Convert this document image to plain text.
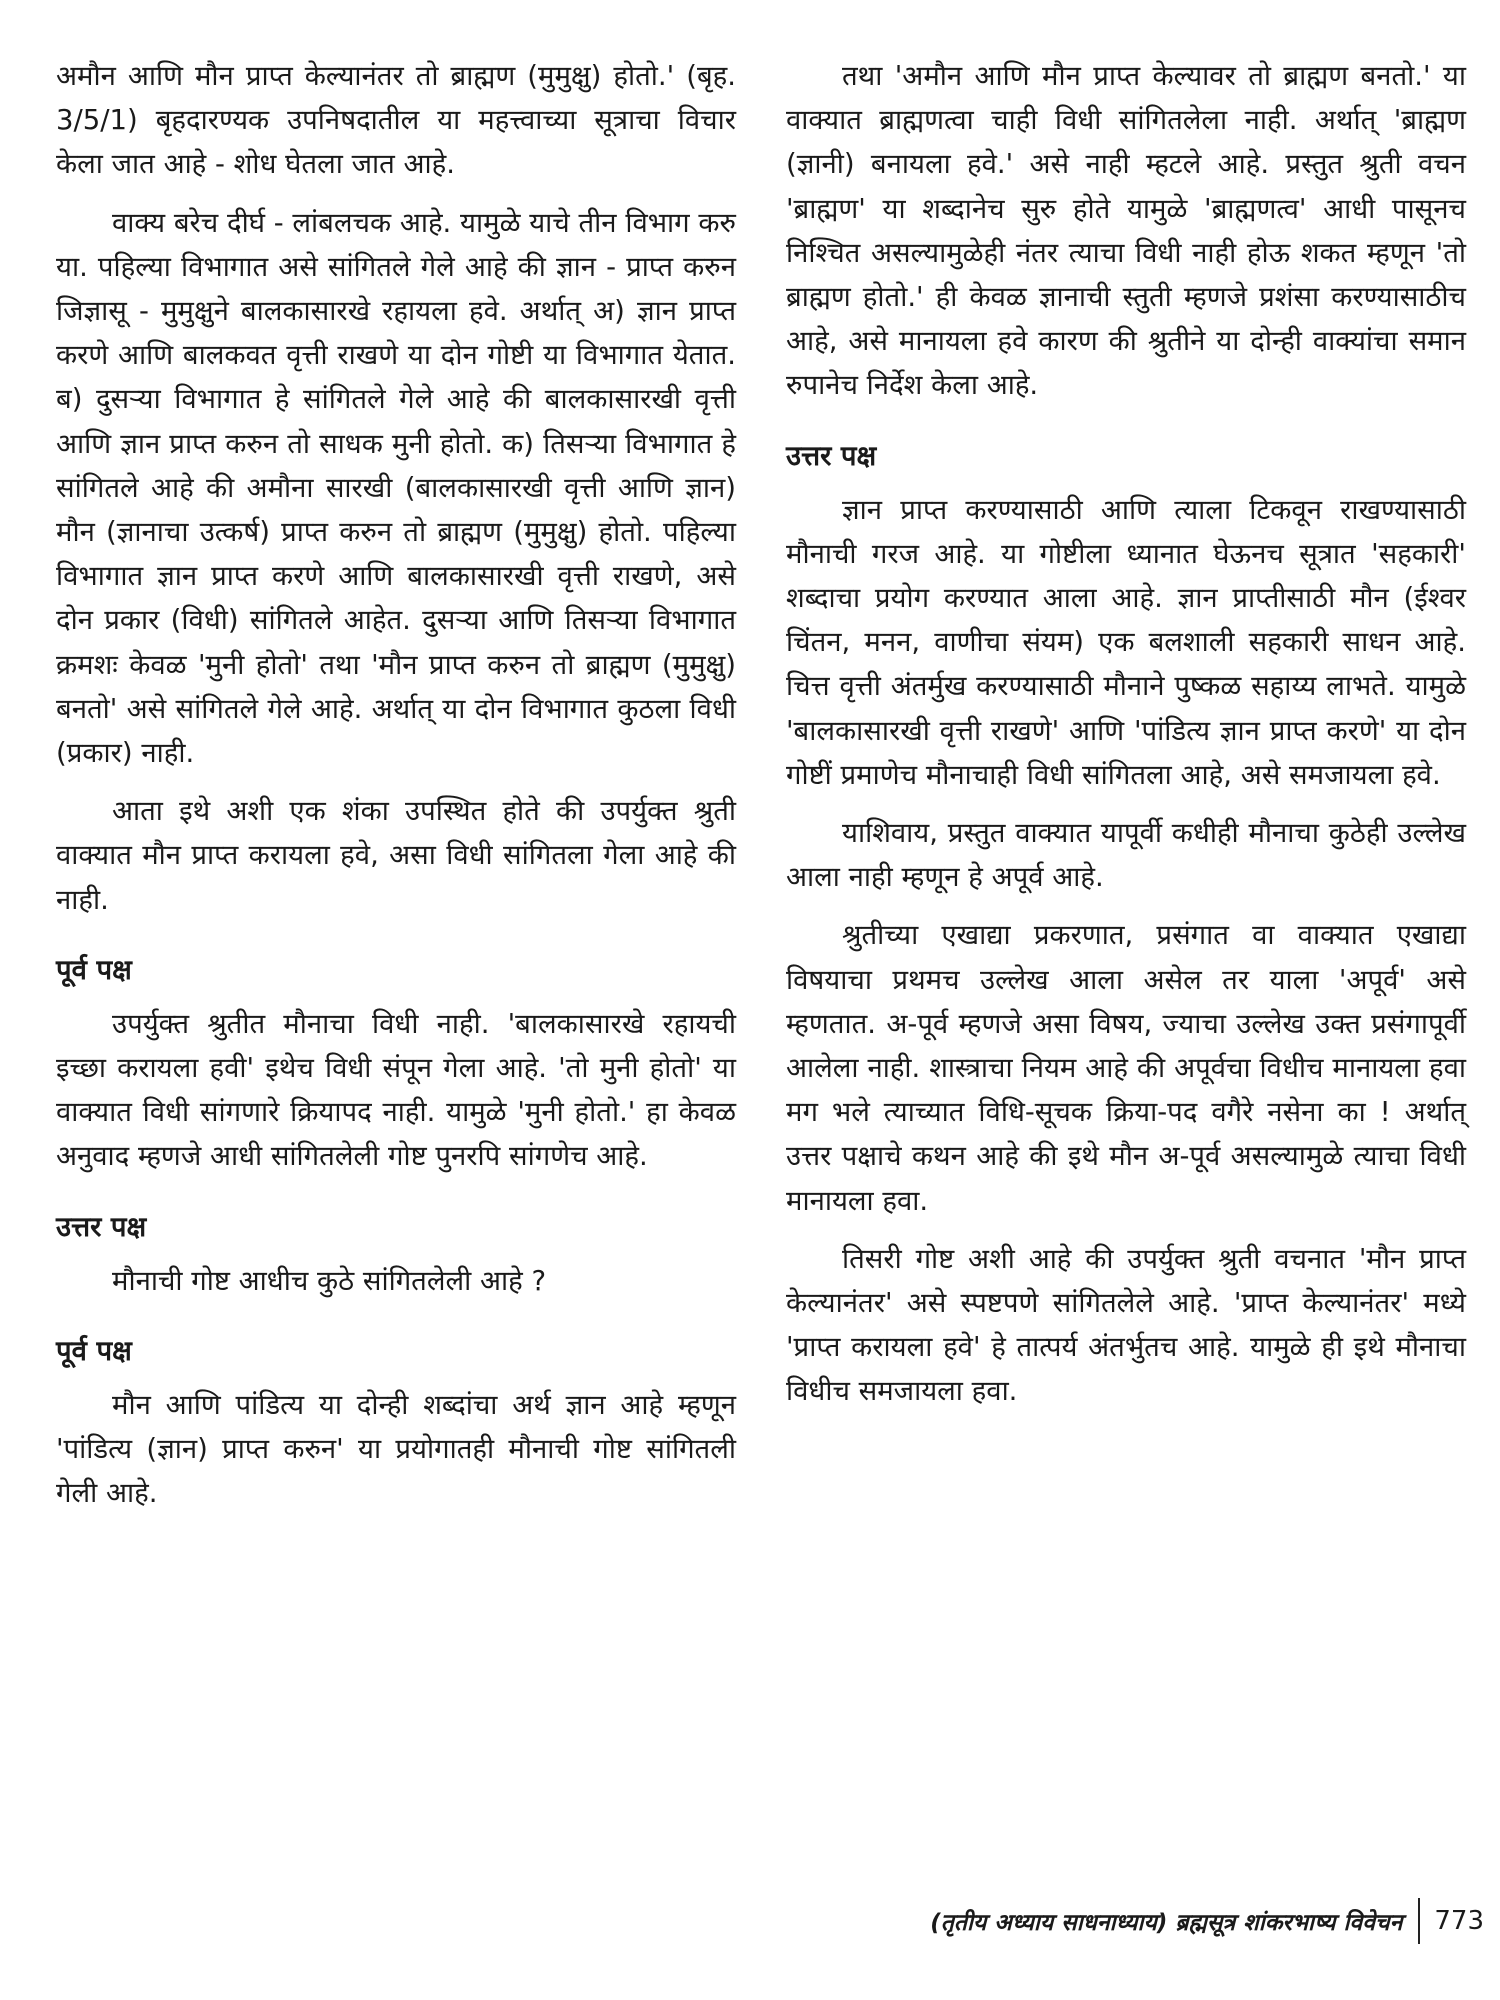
अमौन आणि मौन प्राप्त केल्यानंतर तो ब्राह्मण (मुमुक्षु) होतो.' (बृह. 3/5/1) बृहदारण्यक उपनिषदातील या महत्त्वाच्या सूत्राचा विचार केला जात आहे - शोध घेतला जात आहे.

वाक्य बरेच दीर्घ - लांबलचक आहे. यामुळे याचे तीन विभाग करु या. पहिल्या विभागात असे सांगितले गेले आहे की ज्ञान - प्राप्त करुन जिज्ञासू - मुमुक्षुने बालकासारखे रहायला हवे. अर्थात् अ) ज्ञान प्राप्त करणे आणि बालकवत वृत्ती राखणे या दोन गोष्टी या विभागात येतात. ब) दुसऱ्या विभागात हे सांगितले गेले आहे की बालकासारखी वृत्ती आणि ज्ञान प्राप्त करुन तो साधक मुनी होतो. क) तिसऱ्या विभागात हे सांगितले आहे की अमौना सारखी (बालकासारखी वृत्ती आणि ज्ञान) मौन (ज्ञानाचा उत्कर्ष) प्राप्त करुन तो ब्राह्मण (मुमुक्षु) होतो. पहिल्या विभागात ज्ञान प्राप्त करणे आणि बालकासारखी वृत्ती राखणे, असे दोन प्रकार (विधी) सांगितले आहेत. दुसऱ्या आणि तिसऱ्या विभागात क्रमशः केवळ 'मुनी होतो' तथा 'मौन प्राप्त करुन तो ब्राह्मण (मुमुक्षु) बनतो' असे सांगितले गेले आहे. अर्थात् या दोन विभागात कुठला विधी (प्रकार) नाही.

आता इथे अशी एक शंका उपस्थित होते की उपर्युक्त श्रुती वाक्यात मौन प्राप्त करायला हवे, असा विधी सांगितला गेला आहे की नाही.

पूर्व पक्ष

उपर्युक्त श्रुतीत मौनाचा विधी नाही. 'बालकासारखे रहायची इच्छा करायला हवी' इथेच विधी संपून गेला आहे. 'तो मुनी होतो' या वाक्यात विधी सांगणारे क्रियापद नाही. यामुळे 'मुनी होतो.' हा केवळ अनुवाद म्हणजे आधी सांगितलेली गोष्ट पुनरपि सांगणेच आहे.

उत्तर पक्ष

मौनाची गोष्ट आधीच कुठे सांगितलेली आहे ?

पूर्व पक्ष

मौन आणि पांडित्य या दोन्ही शब्दांचा अर्थ ज्ञान आहे म्हणून 'पांडित्य (ज्ञान) प्राप्त करुन' या प्रयोगातही मौनाची गोष्ट सांगितली गेली आहे.

तथा 'अमौन आणि मौन प्राप्त केल्यावर तो ब्राह्मण बनतो.' या वाक्यात ब्राह्मणत्वा चाही विधी सांगितलेला नाही. अर्थात् 'ब्राह्मण (ज्ञानी) बनायला हवे.' असे नाही म्हटले आहे. प्रस्तुत श्रुती वचन 'ब्राह्मण' या शब्दानेच सुरु होते यामुळे 'ब्राह्मणत्व' आधी पासूनच निश्चित असल्यामुळेही नंतर त्याचा विधी नाही होऊ शकत म्हणून 'तो ब्राह्मण होतो.' ही केवळ ज्ञानाची स्तुती म्हणजे प्रशंसा करण्यासाठीच आहे, असे मानायला हवे कारण की श्रुतीने या दोन्ही वाक्यांचा समान रुपानेच निर्देश केला आहे.

उत्तर पक्ष

ज्ञान प्राप्त करण्यासाठी आणि त्याला टिकवून राखण्यासाठी मौनाची गरज आहे. या गोष्टीला ध्यानात घेऊनच सूत्रात 'सहकारी' शब्दाचा प्रयोग करण्यात आला आहे. ज्ञान प्राप्तीसाठी मौन (ईश्वर चिंतन, मनन, वाणीचा संयम) एक बलशाली सहकारी साधन आहे. चित्त वृत्ती अंतर्मुख करण्यासाठी मौनाने पुष्कळ सहाय्य लाभते. यामुळे 'बालकासारखी वृत्ती राखणे' आणि 'पांडित्य ज्ञान प्राप्त करणे' या दोन गोष्टीं प्रमाणेच मौनाचाही विधी सांगितला आहे, असे समजायला हवे.

याशिवाय, प्रस्तुत वाक्यात यापूर्वी कधीही मौनाचा कुठेही उल्लेख आला नाही म्हणून हे अपूर्व आहे.

श्रुतीच्या एखाद्या प्रकरणात, प्रसंगात वा वाक्यात एखाद्या विषयाचा प्रथमच उल्लेख आला असेल तर याला 'अपूर्व' असे म्हणतात. अ-पूर्व म्हणजे असा विषय, ज्याचा उल्लेख उक्त प्रसंगापूर्वी आलेला नाही. शास्त्राचा नियम आहे की अपूर्वचा विधीच मानायला हवा मग भले त्याच्यात विधि-सूचक क्रिया-पद वगैरे नसेना का ! अर्थात् उत्तर पक्षाचे कथन आहे की इथे मौन अ-पूर्व असल्यामुळे त्याचा विधी मानायला हवा.

तिसरी गोष्ट अशी आहे की उपर्युक्त श्रुती वचनात 'मौन प्राप्त केल्यानंतर' असे स्पष्टपणे सांगितलेले आहे. 'प्राप्त केल्यानंतर' मध्ये 'प्राप्त करायला हवे' हे तात्पर्य अंतर्भुतच आहे. यामुळे ही इथे मौनाचा विधीच समजायला हवा.

(तृतीय अध्याय साधनाध्याय) ब्रह्मसूत्र शांकरभाष्य विवेचन	773
